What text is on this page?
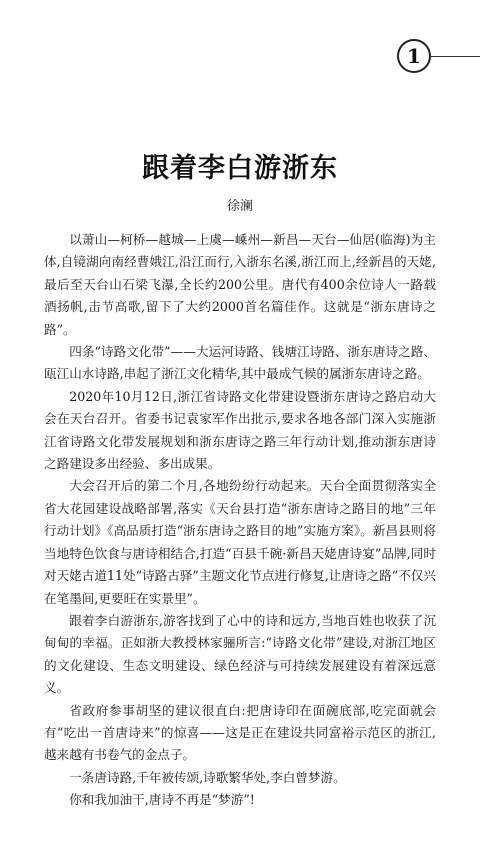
1
跟着李白游浙东
徐澜

以萧山—柯桥—越城—上虞—嵊州—新昌—天台—仙居(临海)为主体,自镜湖向南经曹娥江,沿江而行,入浙东名溪,浙江而上,经新昌的天姥,最后至天台山石梁飞瀑,全长约200公里。唐代有400余位诗人一路载酒扬帆,击节高歌,留下了大约2000首名篇佳作。这就是“浙东唐诗之路”。

四条“诗路文化带”——大运河诗路、钱塘江诗路、浙东唐诗之路、瓯江山水诗路,串起了浙江文化精华,其中最成气候的属浙东唐诗之路。

2020年10月12日,浙江省诗路文化带建设暨浙东唐诗之路启动大会在天台召开。省委书记袁家军作出批示,要求各地各部门深入实施浙江省诗路文化带发展规划和浙东唐诗之路三年行动计划,推动浙东唐诗之路建设多出经验、多出成果。

大会召开后的第二个月,各地纷纷行动起来。天台全面贯彻落实全省大花园建设战略部署,落实《天台县打造“浙东唐诗之路目的地”三年行动计划》《高品质打造“浙东唐诗之路目的地”实施方案》。新昌县则将当地特色饮食与唐诗相结合,打造“百县千碗·新昌天姥唐诗宴”品牌,同时对天姥古道11处“诗路古驿”主题文化节点进行修复,让唐诗之路“不仅兴在笔墨间,更要旺在实景里”。

跟着李白游浙东,游客找到了心中的诗和远方,当地百姓也收获了沉甸甸的幸福。正如浙大教授林家骊所言:“诗路文化带”建设,对浙江地区的文化建设、生态文明建设、绿色经济与可持续发展建设有着深远意义。

省政府参事胡坚的建议很直白:把唐诗印在面碗底部,吃完面就会有“吃出一首唐诗来”的惊喜——这是正在建设共同富裕示范区的浙江,越来越有书卷气的金点子。

一条唐诗路,千年被传颂,诗歌繁华处,李白曾梦游。

你和我加油干,唐诗不再是“梦游”!
